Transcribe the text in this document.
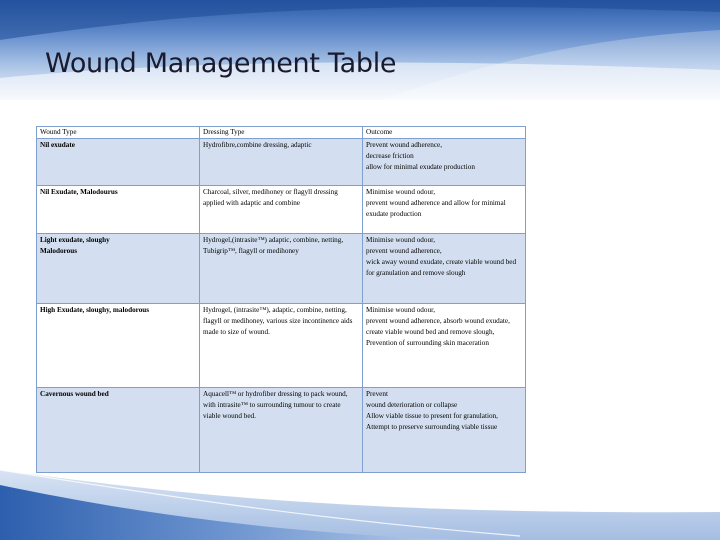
Wound Management Table
Wound Type	Dressing Type	Outcome

Nil exudate	Hydrofibre,combine dressing, adaptic	Prevent wound adherence,
decrease friction
allow for minimal exudate production

Nil Exudate, Malodourus	Charcoal, silver, medihoney or flagyll dressing applied with adaptic and combine	Minimise wound odour,
prevent wound adherence and allow for minimal exudate production

Light exudate, sloughy
Malodorous	Hydrogel,(intrasite™) adaptic, combine, netting, Tubigrip™, flagyll or medihoney	Minimise wound odour,
prevent wound adherence,
wick away wound exudate, create viable wound bed for granulation and remove slough

High Exudate, sloughy, malodorous	Hydrogel, (intrasite™), adaptic, combine, netting, flagyll or medihoney, various size incontinence aids made to size of wound.	Minimise wound odour,
prevent wound adherence, absorb wound exudate,
create viable wound bed and remove slough,
Prevention of surrounding skin maceration

Cavernous wound bed	Aquacell™ or hydrofiber dressing to pack wound, with intrasite™ to surrounding tumour to create viable wound bed.	Prevent
wound deterioration or collapse
Allow viable tissue to present for granulation,
Attempt to preserve surrounding viable tissue
